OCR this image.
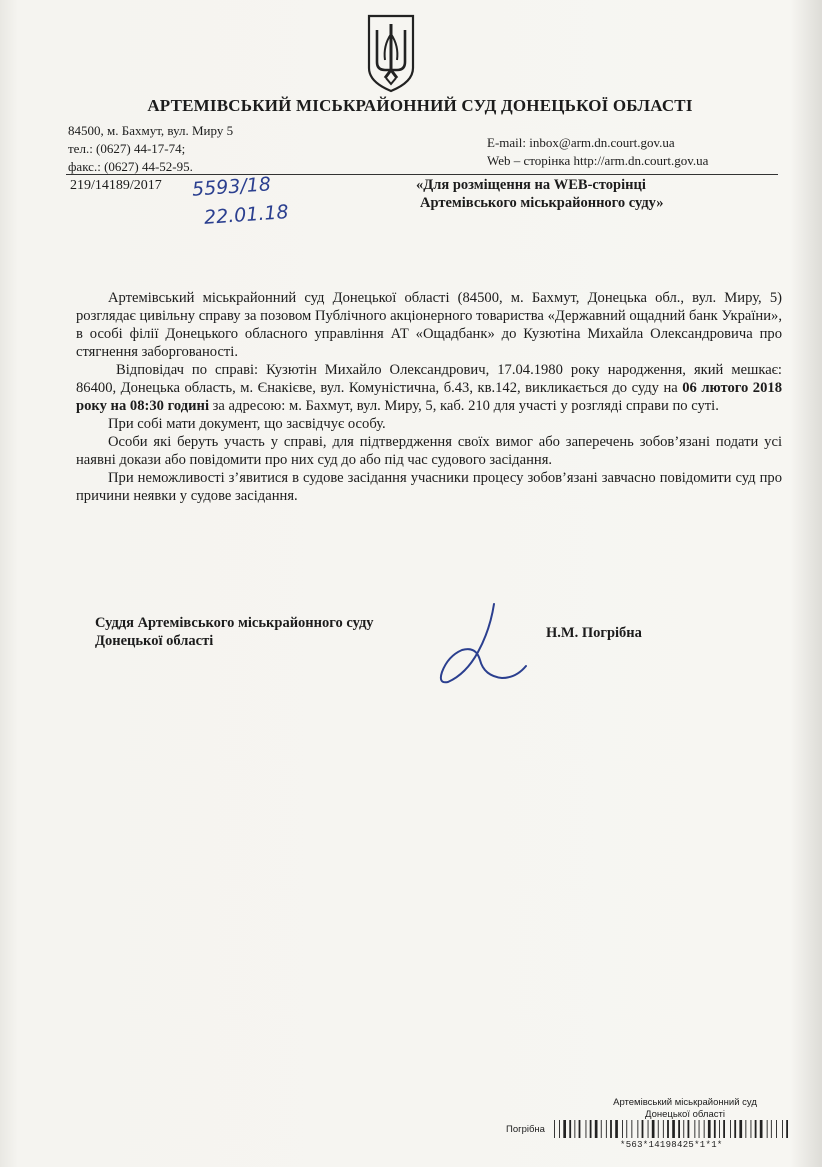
АРТЕМІВСЬКИЙ МІСЬКРАЙОННИЙ СУД ДОНЕЦЬКОЇ ОБЛАСТІ
84500, м. Бахмут, вул. Миру 5
тел.: (0627) 44-17-74;
факс.: (0627) 44-52-95.
E-mail: inbox@arm.dn.court.gov.ua
Web – сторінка http://arm.dn.court.gov.ua
219/14189/2017 5593/18
22.01.18
«Для розміщення на WEB-сторінці
Артемівського міськрайонного суду»

Артемівський міськрайонний суд Донецької області (84500, м. Бахмут, Донецька обл., вул. Миру, 5) розглядає цивільну справу за позовом Публічного акціонерного товариства «Державний ощадний банк України», в особі філії Донецького обласного управління АТ «Ощадбанк» до Кузютіна Михайла Олександровича про стягнення заборгованості.

Відповідач по справі: Кузютін Михайло Олександрович, 17.04.1980 року народження, який мешкає: 86400, Донецька область, м. Єнакієве, вул. Комуністична, б.43, кв.142, викликається до суду на 06 лютого 2018 року на 08:30 годині за адресою: м. Бахмут, вул. Миру, 5, каб. 210 для участі у розгляді справи по суті.

При собі мати документ, що засвідчує особу.

Особи які беруть участь у справі, для підтвердження своїх вимог або заперечень зобов’язані подати усі наявні докази або повідомити про них суд до або під час судового засідання.

При неможливості з’явитися в судове засідання учасники процесу зобов’язані завчасно повідомити суд про причини неявки у судове засідання.

Суддя Артемівського міськрайонного суду
Донецької області	Н.М. Погрібна
Артемівський міськрайонний суд
Донецької області
Погрібна
*563*14198425*1*1*
